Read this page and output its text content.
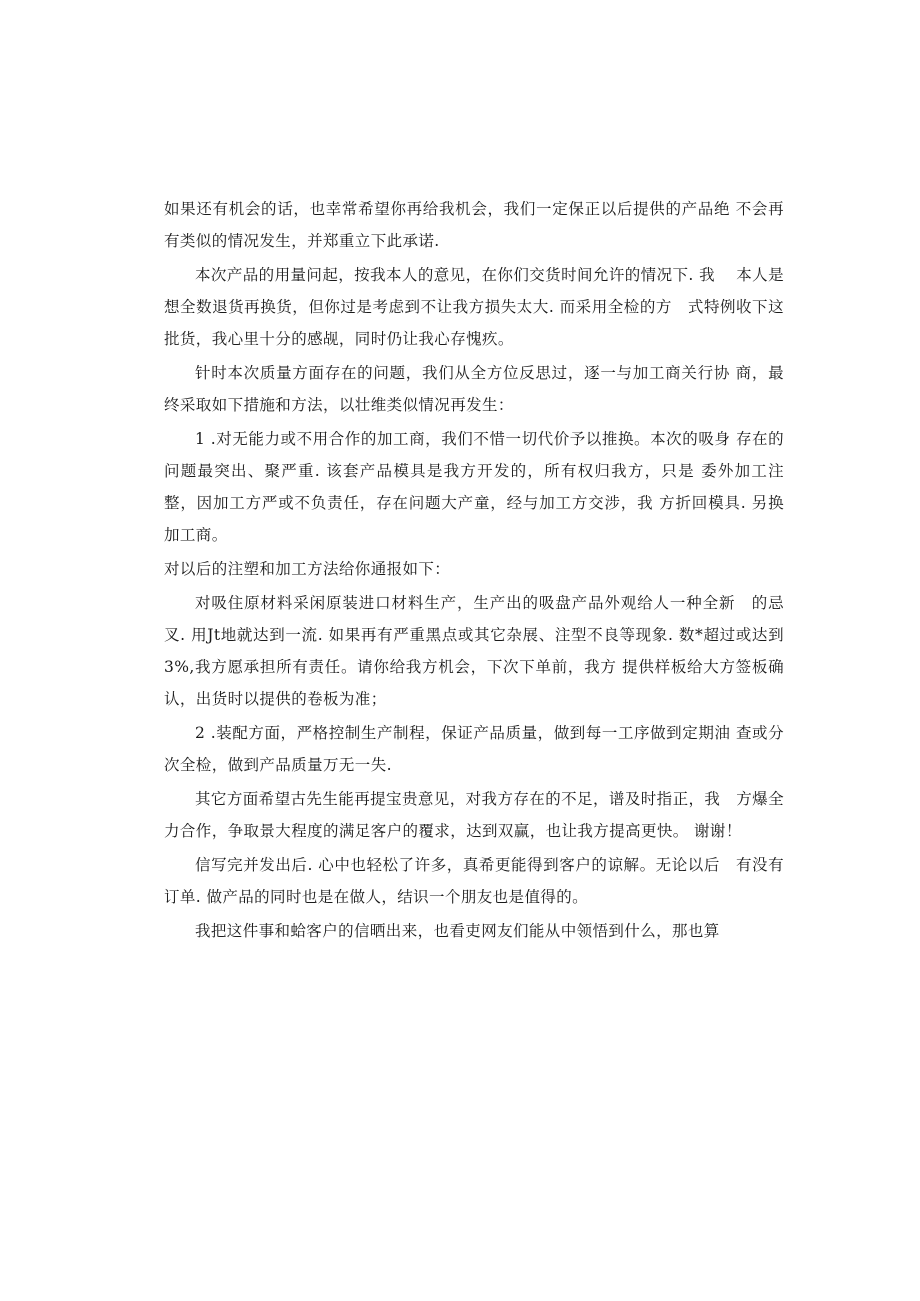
如果还有机会的话，也幸常希望你再给我机会，我们一定保正以后提供的产品绝 不会再有类似的情况发生，并郑重立下此承诺.

本次产品的用量问起，按我本人的意见，在你们交货时间允许的情况下. 我　 本人是想全数退货再换货，但你过是考虑到不让我方损失太大. 而采用全检的方　式特例收下这批货，我心里十分的感觇，同时仍让我心存愧疚。

针时本次质量方面存在的问题，我们从全方位反思过，逐一与加工商关行协 商，最终采取如下措施和方法，以壮维类似情况再发生：

1 .对无能力或不用合作的加工商，我们不惜一切代价予以推换。本次的吸身 存在的问题最突出、聚严重. 该套产品模具是我方开发的，所有权归我方，只是 委外加工注整，因加工方严或不负责任，存在问题大产童，经与加工方交涉，我 方折回模具. 另换加工商。

对以后的注塑和加工方法给你通报如下：

对吸住原材料采闲原装进口材料生产，生产出的吸盘产品外观给人一种全新　的忌叉. 用Jt地就达到一流. 如果再有严重黑点或其它杂展、注型不良等现象. 数*超过或达到3%,我方愿承担所有责任。请你给我方机会，下次下单前，我方 提供样板给大方签板确认，出货时以提供的卷板为准；

2 .装配方面，严格控制生产制程，保证产品质量，做到每一工序做到定期油 查或分次全检，做到产品质量万无一失.

其它方面希望古先生能再提宝贵意见，对我方存在的不足，谱及时指正，我　方爆全力合作，争取景大程度的满足客户的覆求，达到双赢，也让我方提高更快。 谢谢！

信写完并发出后. 心中也轻松了许多，真希更能得到客户的谅解。无论以后　有没有订单. 做产品的同时也是在做人，结识一个朋友也是值得的。

我把这件事和蛤客户的信晒出来，也看吏网友们能从中领悟到什么，那也算
